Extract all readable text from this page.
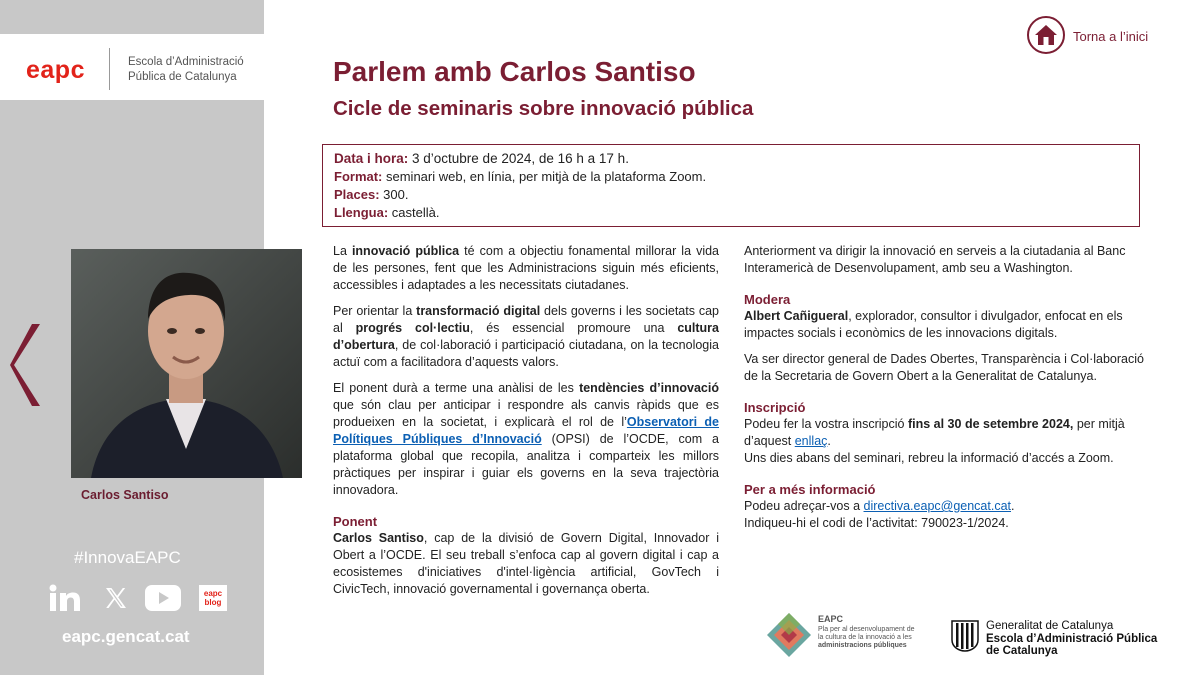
eapc	Escola d’Administració
Pública de Catalunya
Carlos Santiso
#InnovaEAPC
eapc
blog
eapc.gencat.cat
Torna a l’inici
Parlem amb Carlos Santiso
Cicle de seminaris sobre innovació pública
Data i hora: 3 d’octubre de 2024, de 16 h a 17 h.
Format: seminari web, en línia, per mitjà de la plataforma Zoom.
Places: 300.
Llengua: castellà.

La innovació pública té com a objectiu fonamental millorar la vida de les persones, fent que les Administracions siguin més eficients, accessibles i adaptades a les necessitats ciutadanes.

Per orientar la transformació digital dels governs i les societats cap al progrés col·lectiu, és essencial promoure una cultura d’obertura, de col·laboració i participació ciutadana, on la tecnologia actuï com a facilitadora d’aquests valors.

El ponent durà a terme una anàlisi de les tendències d’innovació que són clau per anticipar i respondre als canvis ràpids que es produeixen en la societat, i explicarà el rol de l’Observatori de Polítiques Públiques d’Innovació (OPSI) de l’OCDE, com a plataforma global que recopila, analitza i comparteix les millors pràctiques per inspirar i guiar els governs en la seva trajectòria innovadora.

Ponent

Carlos Santiso, cap de la divisió de Govern Digital, Innovador i Obert a l’OCDE. El seu treball s’enfoca cap al govern digital i cap a ecosistemes d'iniciatives d'intel·ligència artificial, GovTech i CivicTech, innovació governamental i governança oberta.

Anteriorment va dirigir la innovació en serveis a la ciutadania al Banc Interamericà de Desenvolupament, amb seu a Washington.

Modera

Albert Cañigueral, explorador, consultor i divulgador, enfocat en els impactes socials i econòmics de les innovacions digitals.

Va ser director general de Dades Obertes, Transparència i Col·laboració de la Secretaria de Govern Obert a la Generalitat de Catalunya.

Inscripció

Podeu fer la vostra inscripció fins al 30 de setembre 2024, per mitjà d’aquest enllaç.

Uns dies abans del seminari, rebreu la informació d’accés a Zoom.

Per a més informació

Podeu adreçar-vos a directiva.eapc@gencat.cat.

Indiqueu-hi el codi de l’activitat: 790023-1/2024.

EAPC
Pla per al desenvolupament de
la cultura de la innovació a les
administracions públiques
Generalitat de Catalunya
Escola d’Administració Pública
de Catalunya
